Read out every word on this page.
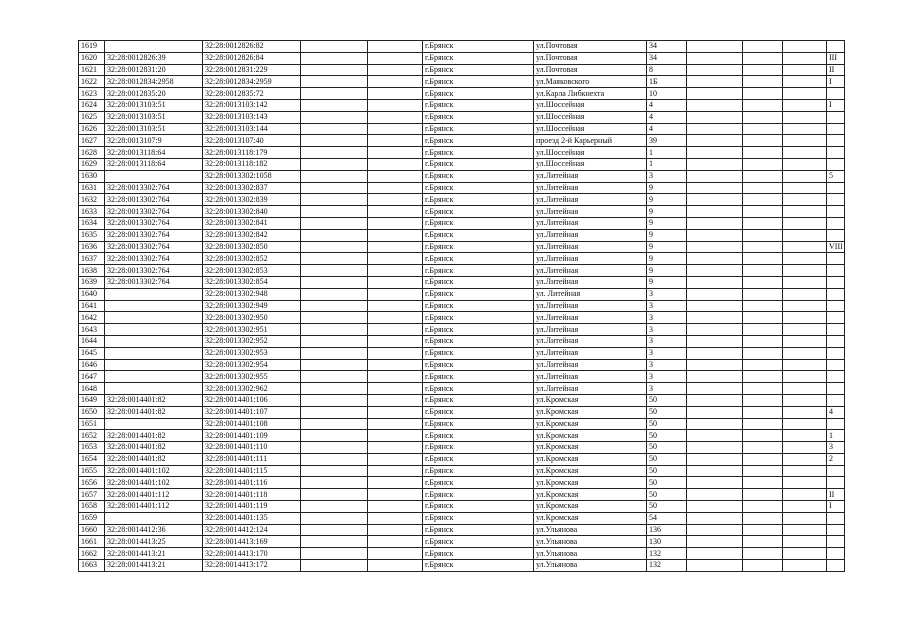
1619		32:28:0012826:82			г.Брянск	ул.Почтовая	34				
1620	32:28:0012826:39	32:28:0012826:84			г.Брянск	ул.Почтовая	34				III
1621	32:28:0012831:20	32:28:0012831:229			г.Брянск	ул.Почтовая	8				II
1622	32:28:0012834:2958	32:28:0012834:2959			г.Брянск	ул.Маяковского	1Б				I
1623	32:28:0012835:20	32:28:0012835:72			г.Брянск	ул.Карла Либкнехта	10				
1624	32:28:0013103:51	32:28:0013103:142			г.Брянск	ул.Шоссейная	4				I
1625	32:28:0013103:51	32:28:0013103:143			г.Брянск	ул.Шоссейная	4				
1626	32:28:0013103:51	32:28:0013103:144			г.Брянск	ул.Шоссейная	4				
1627	32:28:0013107:9	32:28:0013107:40			г.Брянск	проезд 2-й Карьерный	39				
1628	32:28:0013118:64	32:28:0013118:179			г.Брянск	ул.Шоссейная	1				
1629	32:28:0013118:64	32:28:0013118:182			г.Брянск	ул.Шоссейная	1				
1630		32:28:0013302:1058			г.Брянск	ул.Литейная	3				5
1631	32:28:0013302:764	32:28:0013302:837			г.Брянск	ул.Литейная	9				
1632	32:28:0013302:764	32:28:0013302:839			г.Брянск	ул.Литейная	9				
1633	32:28:0013302:764	32:28:0013302:840			г.Брянск	ул.Литейная	9				
1634	32:28:0013302:764	32:28:0013302:841			г.Брянск	ул.Литейная	9				
1635	32:28:0013302:764	32:28:0013302:842			г.Брянск	ул.Литейная	9				
1636	32:28:0013302:764	32:28:0013302:850			г.Брянск	ул.Литейная	9				VIII
1637	32:28:0013302:764	32:28:0013302:852			г.Брянск	ул.Литейная	9				
1638	32:28:0013302:764	32:28:0013302:853			г.Брянск	ул.Литейная	9				
1639	32:28:0013302:764	32:28:0013302:854			г.Брянск	ул.Литейная	9				
1640		32:28:0013302:948			г.Брянск	ул. Литейная	3				
1641		32:28:0013302:949			г.Брянск	ул.Литейная	3				
1642		32:28:0013302:950			г.Брянск	ул.Литейная	3				
1643		32:28:0013302:951			г.Брянск	ул.Литейная	3				
1644		32:28:0013302:952			г.Брянск	ул.Литейная	3				
1645		32:28:0013302:953			г.Брянск	ул.Литейная	3				
1646		32:28:0013302:954			г.Брянск	ул.Литейная	3				
1647		32:28:0013302:955			г.Брянск	ул.Литейная	3				
1648		32:28:0013302:962			г.Брянск	ул.Литейная	3				
1649	32:28:0014401:82	32:28:0014401:106			г.Брянск	ул.Кромская	50				
1650	32:28:0014401:82	32:28:0014401:107			г.Брянск	ул.Кромская	50				4
1651		32:28:0014401:108			г.Брянск	ул.Кромская	50				
1652	32:28:0014401:82	32:28:0014401:109			г.Брянск	ул.Кромская	50				1
1653	32:28:0014401:82	32:28:0014401:110			г.Брянск	ул.Кромская	50				3
1654	32:28:0014401:82	32:28:0014401:111			г.Брянск	ул.Кромская	50				2
1655	32:28:0014401:102	32:28:0014401:115			г.Брянск	ул.Кромская	50				
1656	32:28:0014401:102	32:28:0014401:116			г.Брянск	ул.Кромская	50				
1657	32:28:0014401:112	32:28:0014401:118			г.Брянск	ул.Кромская	50				II
1658	32:28:0014401:112	32:28:0014401:119			г.Брянск	ул.Кромская	50				I
1659		32:28:0014401:135			г.Брянск	ул.Кромская	54				
1660	32:28:0014412:36	32:28:0014412:124			г.Брянск	ул.Ульянова	136				
1661	32:28:0014413:25	32:28:0014413:169			г.Брянск	ул.Ульянова	130				
1662	32:28:0014413:21	32:28:0014413:170			г.Брянск	ул.Ульянова	132				
1663	32:28:0014413:21	32:28:0014413:172			г.Брянск	ул.Ульянова	132				
